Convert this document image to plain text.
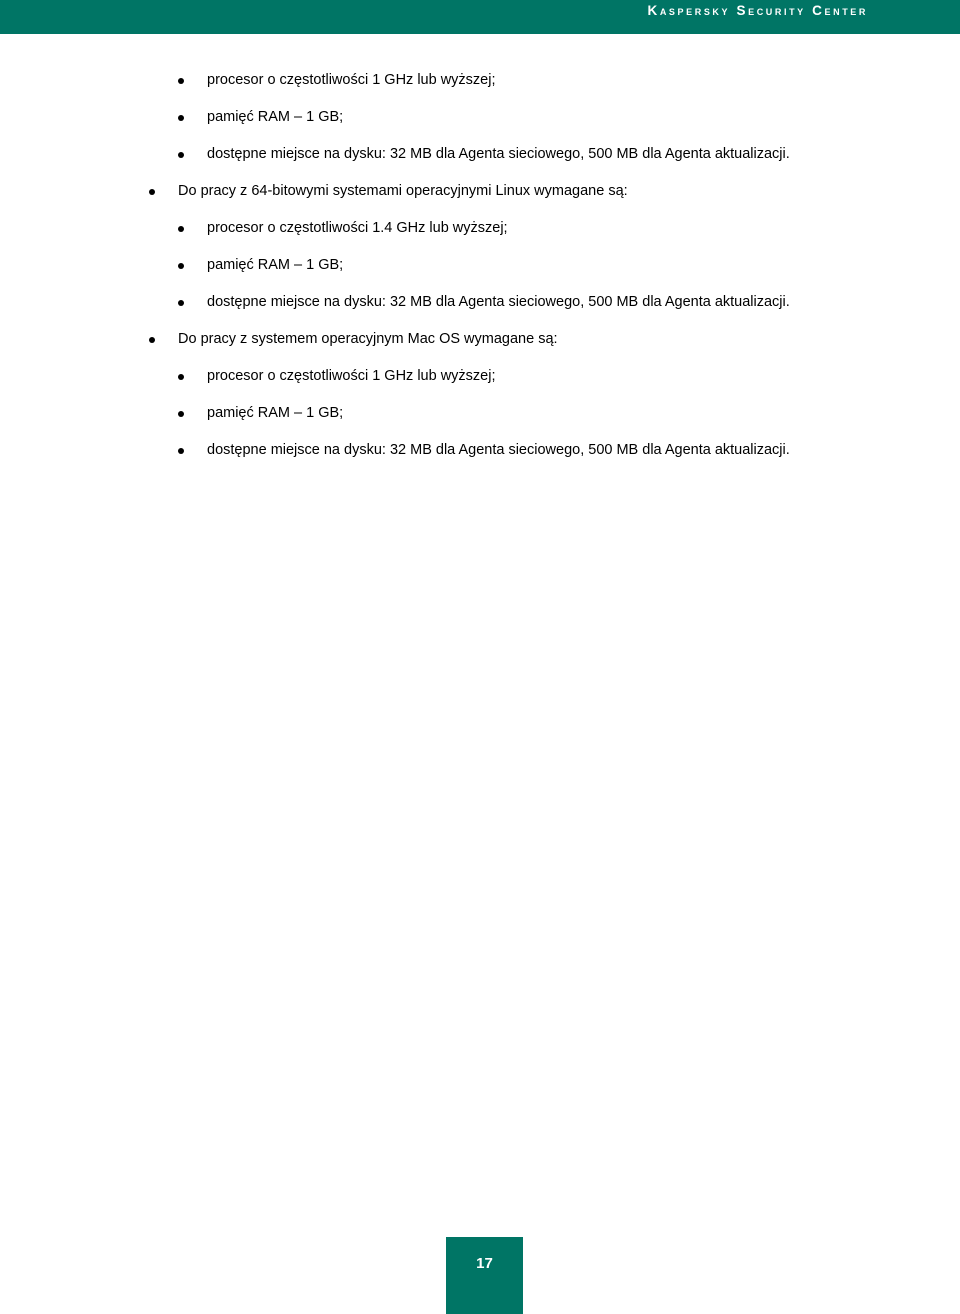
Kaspersky Security Center
procesor o częstotliwości 1 GHz lub wyższej;
pamięć RAM – 1 GB;
dostępne miejsce na dysku: 32 MB dla Agenta sieciowego, 500 MB dla Agenta aktualizacji.
Do pracy z 64-bitowymi systemami operacyjnymi Linux wymagane są:
procesor o częstotliwości 1.4 GHz lub wyższej;
pamięć RAM – 1 GB;
dostępne miejsce na dysku: 32 MB dla Agenta sieciowego, 500 MB dla Agenta aktualizacji.
Do pracy z systemem operacyjnym Mac OS wymagane są:
procesor o częstotliwości 1 GHz lub wyższej;
pamięć RAM – 1 GB;
dostępne miejsce na dysku: 32 MB dla Agenta sieciowego, 500 MB dla Agenta aktualizacji.
17
